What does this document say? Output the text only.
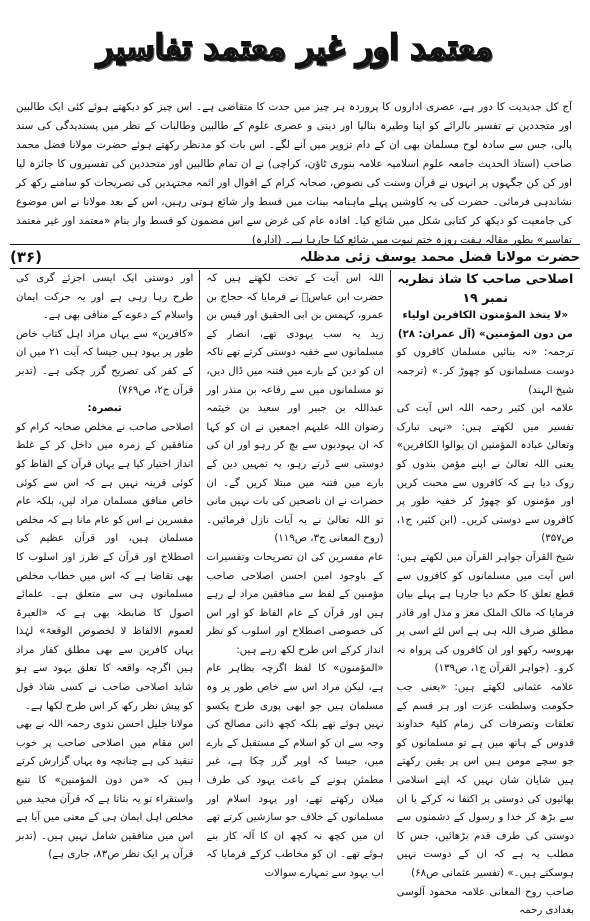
معتمد اور غیر معتمد تفاسیر
آج کل جدیدیت کا دور ہے، عصری اداروں کا پروردہ ہر چیز میں جدت کا متقاضی ہے۔ اس چیز کو دیکھتے ہوئے کئی ایک طالبین اور متجددین نے تفسیر بالرائے کو اپنا وطیرہ بنالیا اور دینی و عصری علوم کے طالبین وطالبات کے نظر میں پسندیدگی کی سند پالی، جس سے سادہ لوح مسلمان بھی ان کے دام تزویر میں آنے لگے۔ اس بات کو مدنظر رکھتے ہوئے حضرت مولانا فضل محمد صاحب (استاذ الحدیث جامعہ علوم اسلامیہ علامہ بنوری ٹاؤن، کراچی) نے ان تمام طالبین اور متجددین کی تفسیروں کا جائزہ لیا اور کن کن جگہوں پر انہوں نے قرآن وسنت کی نصوص، صحابہ کرام کے اقوال اور ائمہ مجتہدین کی تصریحات کو سامنے رکھ کر نشاندہی فرمائی۔ حضرت کی یہ کاوشیں پہلے ماہنامہ بینات میں قسط وار شائع ہوتی رہیں، اس کے بعد مولانا نے اس موضوع کی جامعیت کو دیکھ کر کتابی شکل میں شائع کیا۔ افادہ عام کی غرض سے اس مضمون کو قسط وار بنام «معتمد اور غیر معتمد تفاسیر» بطور مقالہ ہفت روزہ ختم نبوت میں شائع کیا جارہا ہے۔ (ادارہ)
حضرت مولانا فضل محمد یوسف زئی مدظلہ
(۳۶)

اصلاحی صاحب کا شاذ نظریہ نمبر ۱۹

«لا یتخذ المؤمنون الکافرین اولیاء من دون المؤمنین» (آل عمران: ۲۸)

ترجمہ: «نہ بنائیں مسلمان کافروں کو دوست مسلمانوں کو چھوڑ کر۔» (ترجمہ شیخ الہند)

علامہ ابن کثیر رحمہ اللہ اس آیت کی تفسیر میں لکھتے ہیں: «نہی تبارک وتعالیٰ عبادہ المؤمنین ان یوالوا الکافرین» یعنی اللہ تعالیٰ نے اپنے مؤمن بندوں کو روک دیا ہے کہ کافروں سے محبت کریں اور مؤمنوں کو چھوڑ کر خفیہ طور پر کافروں سے دوستی کریں۔ (ابن کثیر، ج۱، ص۳۵۷)

شیخ القرآن جواہر القرآن میں لکھتے ہیں: اس آیت میں مسلمانوں کو کافروں سے قطع تعلق کا حکم دیا جارہا ہے پہلے بیان فرمایا کہ مالک الملک معز و مذل اور قادر مطلق صرف اللہ ہی ہے اس لئے اسی پر بھروسہ رکھو اور ان کافروں کی پرواہ نہ کرو۔ (جواہر القرآن ج۱، ص۱۳۹)

علامہ عثمانی لکھتے ہیں: «یعنی جب حکومت وسلطنت عزت اور ہر قسم کے تعلقات وتصرفات کی زمام کلیۃً خداوند قدوس کے ہاتھ میں ہے تو مسلمانوں کو جو سچے مومن ہیں اس پر یقین رکھتے ہیں شایان شان نہیں کہ اپنے اسلامی بھائیوں کی دوستی پر اکتفا نہ کرکے یا ان سے بڑھ کر خدا و رسول کے دشمنوں سے دوستی کی طرف قدم بڑھائیں، جس کا مطلب یہ ہے کہ ان کے دوست نہیں ہوسکتے ہیں۔» (تفسیر عثمانی ص۶۸)

صاحب روح المعانی علامہ محمود آلوسی بغدادی رحمہ

اللہ اس آیت کے تحت لکھتے ہیں کہ حضرت ابن عباسؓ نے فرمایا کہ حجاج بن عمرو، کہمس بن ابی الحقیق اور قیس بن زید یہ سب یہودی تھے، انصار کے مسلمانوں سے خفیہ دوستی کرتے تھے تاکہ ان کو دین کے بارے میں فتنہ میں ڈال دیں، تو مسلمانوں میں سے رفاعہ بن منذر اور عبداللہ بن جبیر اور سعید بن خیثمہ رضوان اللہ علیہم اجمعین نے ان کو کہا کہ ان یہودیوں سے بچ کر رہو اور ان کی دوستی سے ڈرتے رہو، یہ تمہیں دین کے بارے میں فتنہ میں مبتلا کریں گے۔ ان حضرات نے ان ناصحین کی بات نہیں مانی تو اللہ تعالیٰ نے یہ آیات نازل فرمائیں۔ (روح المعانی ج۳، ص۱۱۹)

عام مفسرین کی ان تصریحات وتفسیرات کے باوجود امین احسن اصلاحی صاحب مؤمنین کے لفظ سے منافقین مراد لے رہے ہیں اور قرآن کے عام الفاظ کو اور اس کی خصوصی اصطلاح اور اسلوب کو نظر انداز کرکے اس طرح لکھ رہے ہیں:

«المؤمنون» کا لفظ اگرچہ بظاہر عام ہے، لیکن مراد اس سے خاص طور پر وہ مسلمان ہیں جو ابھی پوری طرح یکسو نہیں ہوئے تھے بلکہ کچھ ذاتی مصالح کی وجہ سے ان کو اسلام کے مستقبل کے بارے میں، جیسا کہ اوپر گزر چکا ہے، غیر مطمئن ہونے کے باعث یہود کی طرف میلان رکھتے تھے، اور یہود اسلام اور مسلمانوں کے خلاف جو سازشیں کرتے تھے ان میں کچھ نہ کچھ ان کا آلہ کار بنے ہوئے تھے۔ ان کو مخاطب کرکے فرمایا کہ اب یہود سے تمہارے سوالات

اور دوستی ایک ایسی اجزئے گری کی طرح رہا رہی ہے اور یہ حرکت ایمان واسلام کے دعوے کے منافی بھی ہے۔

«کافرین» سے یہاں مراد اہل کتاب خاص طور پر یہود ہیں جیسا کہ آیت ۲۱ میں ان کے کفر کی تصریح گزر چکی ہے۔ (تدبر قرآن ج۲، ص۷۶۹)

تبصرہ:

اصلاحی صاحب نے مخلص صحابہ کرام کو منافقین کے زمرہ میں داخل کر کے غلط انداز اختیار کیا ہے یہاں قرآن کے الفاظ کو کوئی قرینہ نہیں ہے کہ اس سے کوئی خاص منافق مسلمان مراد لیں، بلکہ عام مفسرین نے اس کو عام مانا ہے کہ مخلص مسلمان ہیں، اور قرآن عظیم کی اصطلاح اور قرآن کے طرز اور اسلوب کا بھی تقاضا ہے کہ اس میں خطاب مخلص مسلمانوں ہی سے متعلق ہے۔ علمائے اصول کا ضابطہ بھی ہے کہ «العبرۃ لعموم الالفاظ لا لخصوص الوقعۃ» لہٰذا یہاں کافرین سے بھی مطلق کفار مراد ہیں اگرچہ واقعہ کا تعلق یہود سے ہو شاید اصلاحی صاحب نے کسی شاذ قول کو پیش نظر رکھ کر اس طرح لکھا ہے۔

مولانا جلیل احسن ندوی رحمہ اللہ نے بھی اس مقام میں اصلاحی صاحب پر خوب تنقید کی ہے چنانچہ وہ یہاں گزارش کرتے ہیں کہ «من دون المؤمنین» کا تتبع واستقراء تو یہ بتاتا ہے کہ قرآن مجید میں مخلص اہل ایمان ہی کے معنی میں آیا ہے اس میں منافقین شامل نہیں ہیں۔ (تدبر قرآن پر ایک نظر ص۸۳، جاری ہے)
